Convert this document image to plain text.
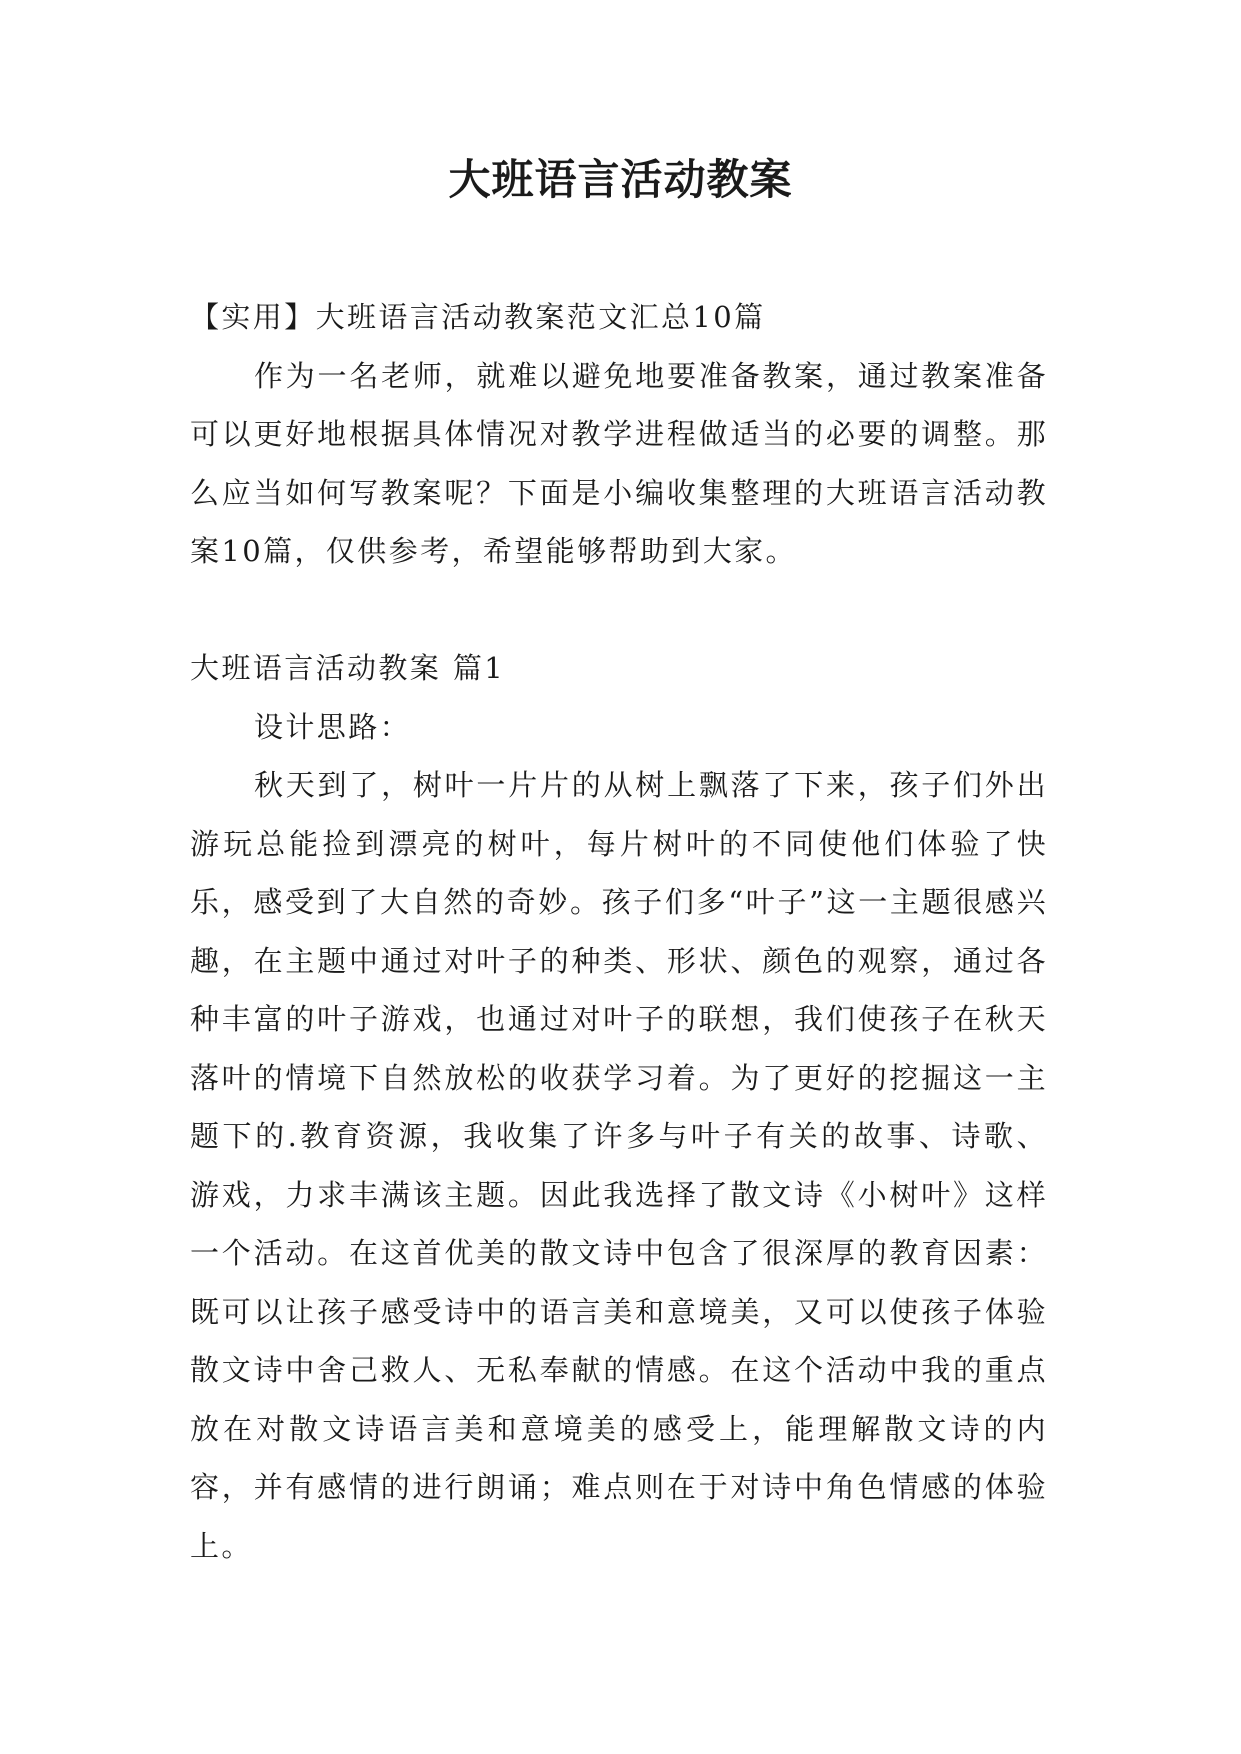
大班语言活动教案

【实用】大班语言活动教案范文汇总10篇

作为一名老师，就难以避免地要准备教案，通过教案准备可以更好地根据具体情况对教学进程做适当的必要的调整。那么应当如何写教案呢？下面是小编收集整理的大班语言活动教案10篇，仅供参考，希望能够帮助到大家。

大班语言活动教案 篇1

设计思路：

秋天到了，树叶一片片的从树上飘落了下来，孩子们外出游玩总能捡到漂亮的树叶，每片树叶的不同使他们体验了快乐，感受到了大自然的奇妙。孩子们多“叶子”这一主题很感兴趣，在主题中通过对叶子的种类、形状、颜色的观察，通过各种丰富的叶子游戏，也通过对叶子的联想，我们使孩子在秋天落叶的情境下自然放松的收获学习着。为了更好的挖掘这一主题下的.教育资源，我收集了许多与叶子有关的故事、诗歌、游戏，力求丰满该主题。因此我选择了散文诗《小树叶》这样一个活动。在这首优美的散文诗中包含了很深厚的教育因素：既可以让孩子感受诗中的语言美和意境美，又可以使孩子体验散文诗中舍己救人、无私奉献的情感。在这个活动中我的重点放在对散文诗语言美和意境美的感受上，能理解散文诗的内容，并有感情的进行朗诵；难点则在于对诗中角色情感的体验上。
